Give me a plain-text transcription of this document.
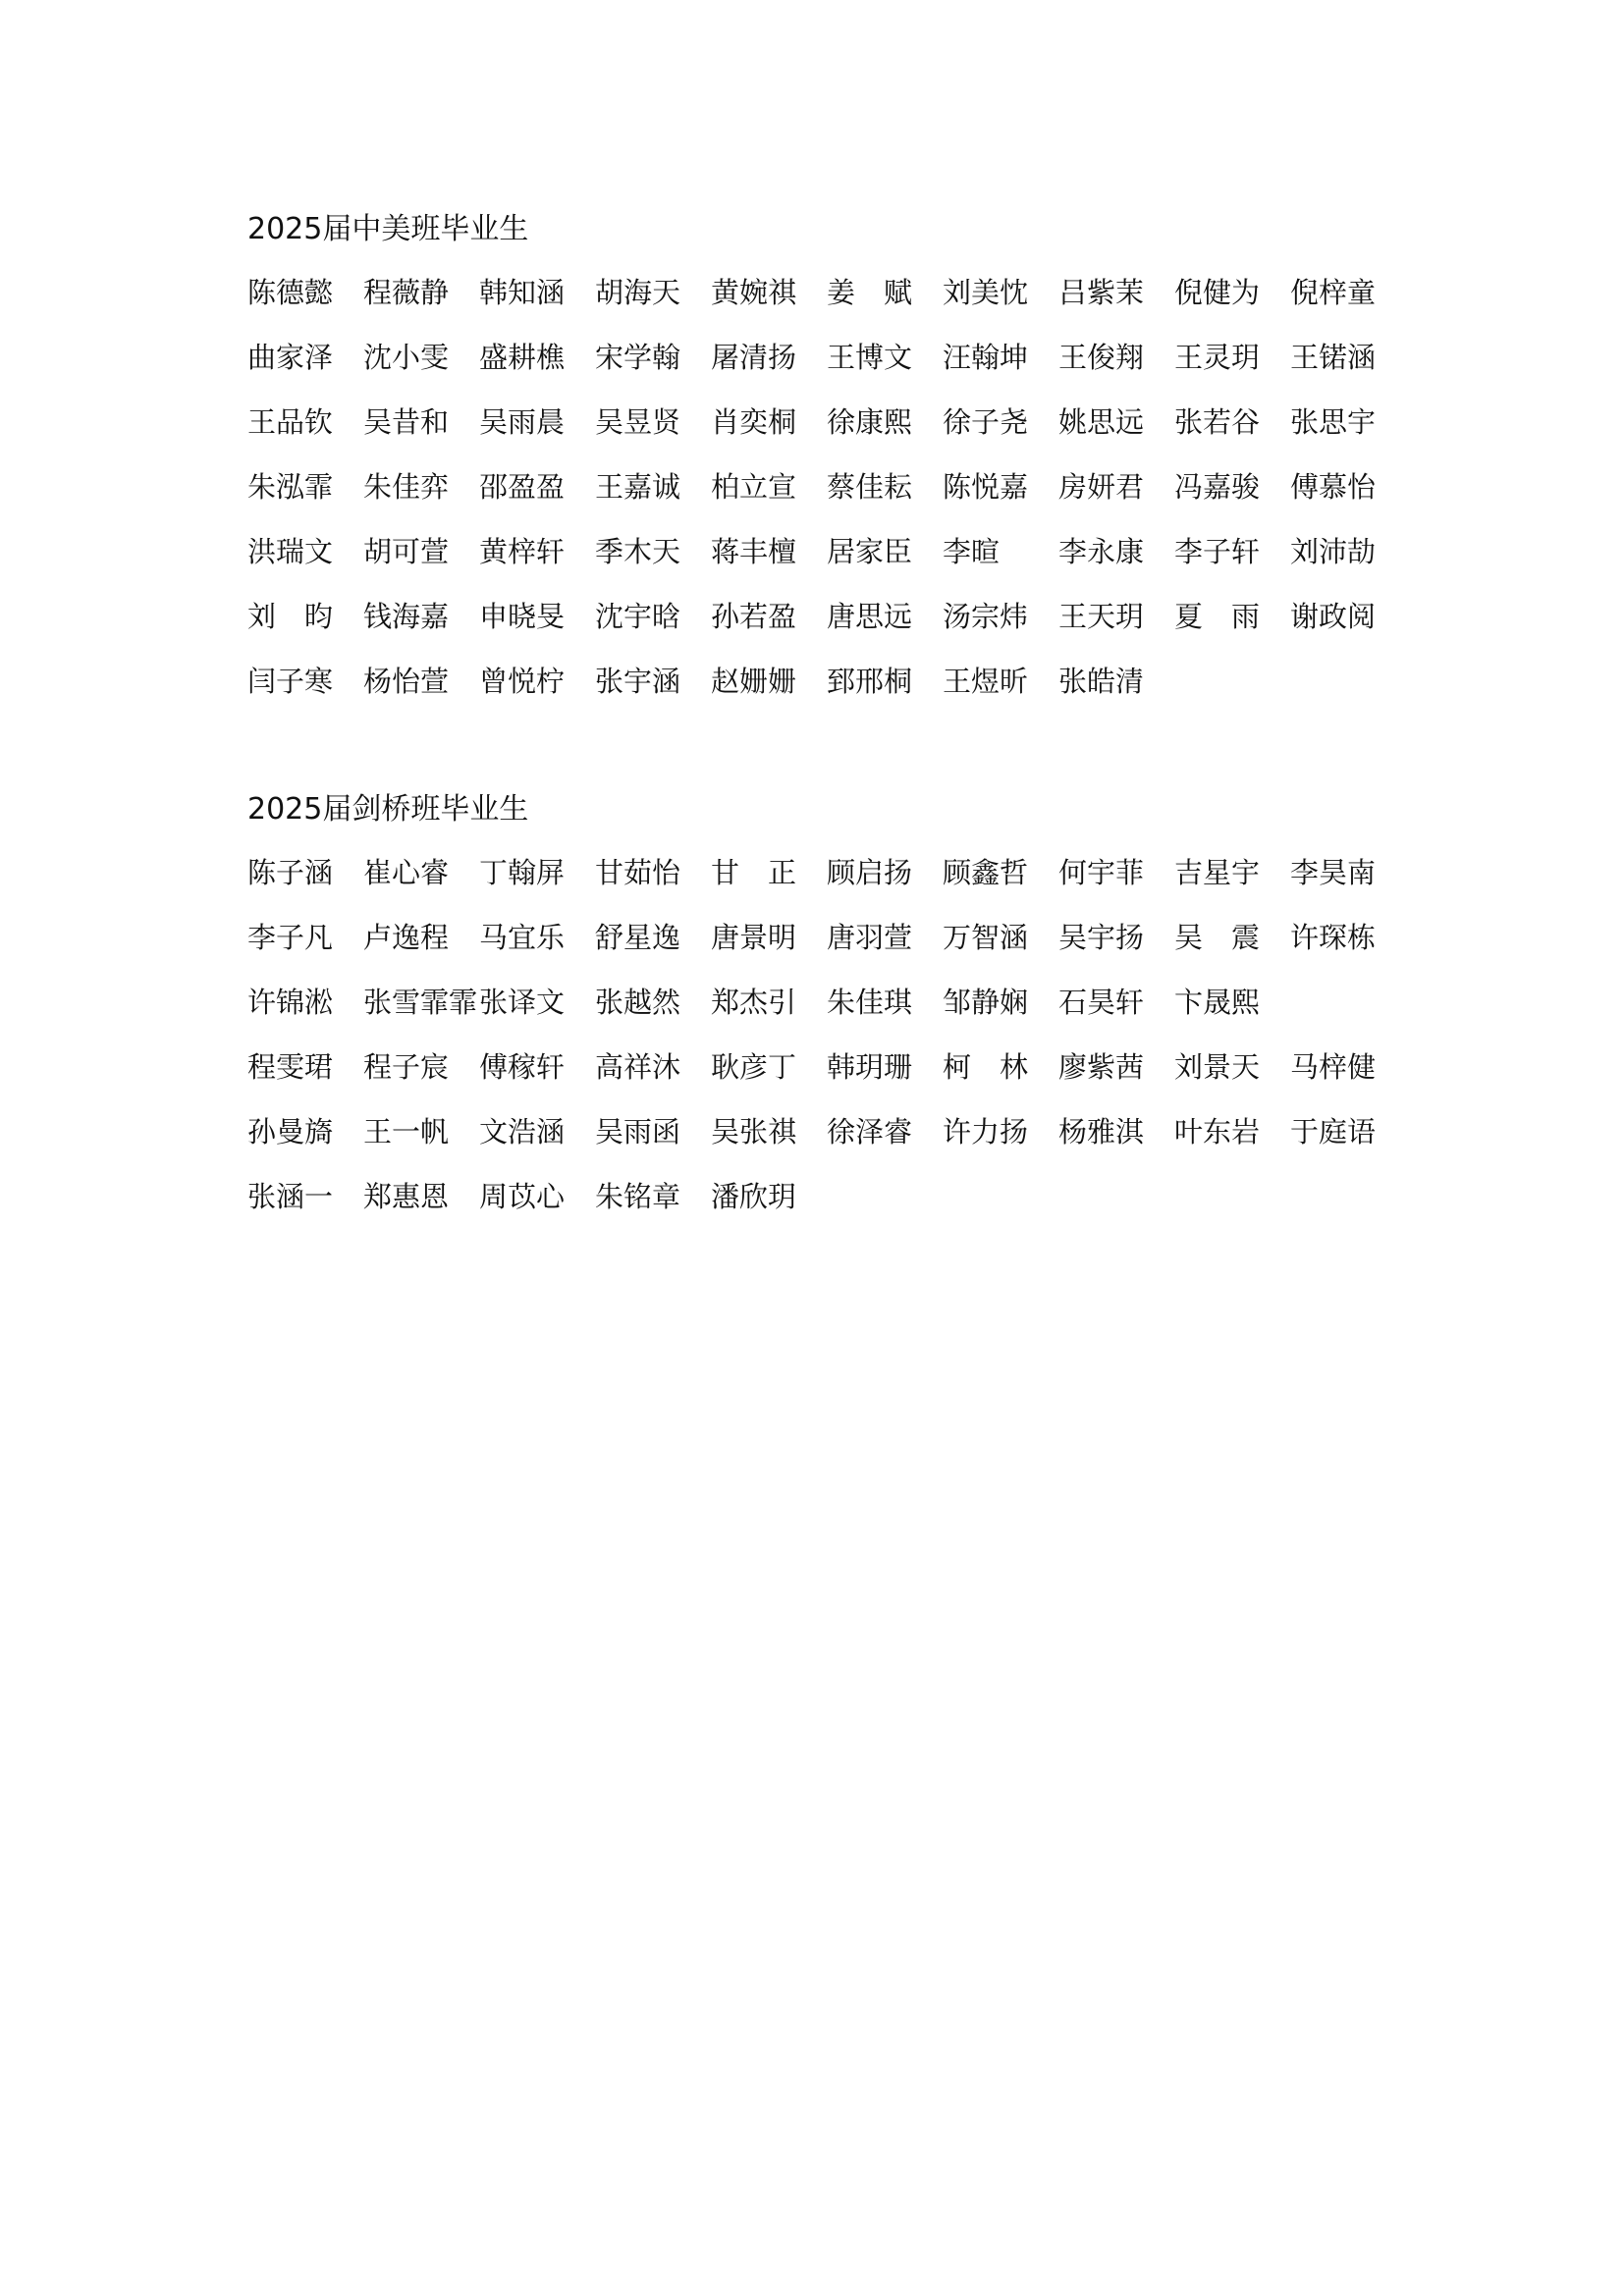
2025届中美班毕业生
陈德懿	程薇静	韩知涵	胡海天	黄婉祺	姜　赋	刘美忱	吕紫茉	倪健为	倪梓童
曲家泽	沈小雯	盛耕樵	宋学翰	屠清扬	王博文	汪翰坤	王俊翔	王灵玥	王锘涵
王品钦	吴昔和	吴雨晨	吴昱贤	肖奕桐	徐康熙	徐子尧	姚思远	张若谷	张思宇
朱泓霏	朱佳弈	邵盈盈	王嘉诚	柏立宣	蔡佳耘	陈悦嘉	房妍君	冯嘉骏	傅慕怡
洪瑞文	胡可萱	黄梓轩	季木天	蒋丰檀	居家臣	李暄	李永康	李子轩	刘沛劼
刘　昀	钱海嘉	申晓旻	沈宇晗	孙若盈	唐思远	汤宗炜	王天玥	夏　雨	谢政阅
闫子寒	杨怡萱	曾悦柠	张宇涵	赵姗姗	郅邢桐	王煜昕	张皓清
2025届剑桥班毕业生
陈子涵	崔心睿	丁翰屏	甘茹怡	甘　正	顾启扬	顾鑫哲	何宇菲	吉星宇	李昊南
李子凡	卢逸程	马宜乐	舒星逸	唐景明	唐羽萱	万智涵	吴宇扬	吴　震	许琛栋
许锦淞	张雪霏霏 张译文	张越然	郑杰引	朱佳琪	邹静娴	石昊轩	卞晟熙
程雯珺	程子宸	傅稼轩	高祥沐	耿彦丁	韩玥珊	柯　林	廖紫茜	刘景天	马梓健
孙曼旖	王一帆	文浩涵	吴雨函	吴张祺	徐泽睿	许力扬	杨雅淇	叶东岩	于庭语
张涵一	郑惠恩	周苡心	朱铭章	潘欣玥
